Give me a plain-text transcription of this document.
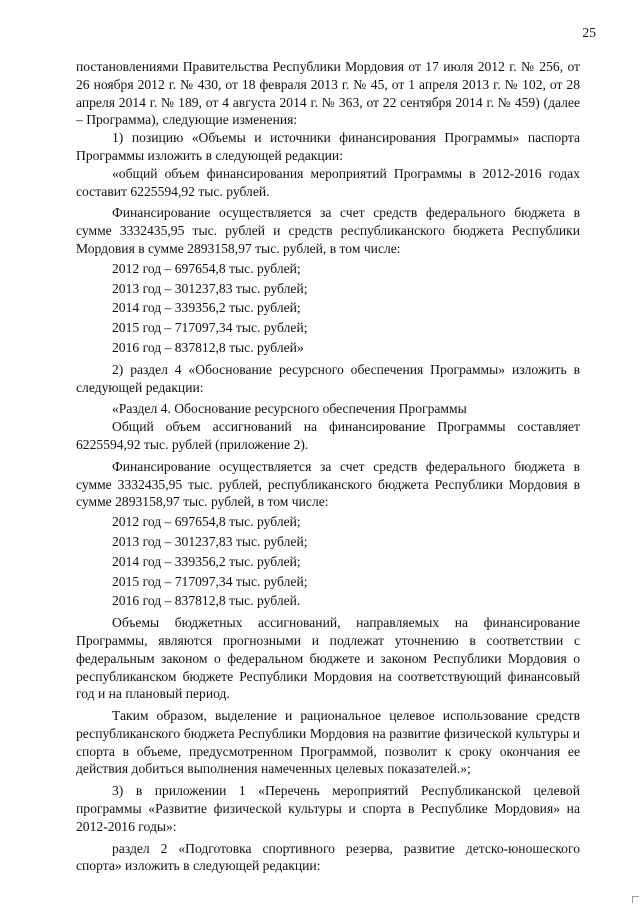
25

постановлениями Правительства Республики Мордовия от 17 июля 2012 г. № 256, от 26 ноября 2012 г. № 430, от 18 февраля 2013 г. № 45, от 1 апреля 2013 г. № 102, от 28 апреля 2014 г. № 189, от 4 августа 2014 г. № 363, от 22 сентября 2014 г. № 459) (далее – Программа), следующие изменения:

1) позицию «Объемы и источники финансирования Программы» паспорта Программы изложить в следующей редакции:

«общий объем финансирования мероприятий Программы в 2012-2016 годах составит 6225594,92 тыс. рублей.

Финансирование осуществляется за счет средств федерального бюджета в сумме 3332435,95 тыс. рублей и средств республиканского бюджета Республики Мордовия в сумме 2893158,97 тыс. рублей, в том числе:

2012 год – 697654,8 тыс. рублей;

2013 год – 301237,83 тыс. рублей;

2014 год – 339356,2 тыс. рублей;

2015 год – 717097,34 тыс. рублей;

2016 год – 837812,8 тыс. рублей»

2) раздел 4 «Обоснование ресурсного обеспечения Программы» изложить в следующей редакции:

«Раздел 4. Обоснование ресурсного обеспечения Программы

Общий объем ассигнований на финансирование Программы составляет 6225594,92 тыс. рублей (приложение 2).

Финансирование осуществляется за счет средств федерального бюджета в сумме 3332435,95 тыс. рублей, республиканского бюджета Республики Мордовия в сумме 2893158,97 тыс. рублей, в том числе:

2012 год – 697654,8 тыс. рублей;

2013 год – 301237,83 тыс. рублей;

2014 год – 339356,2 тыс. рублей;

2015 год – 717097,34 тыс. рублей;

2016 год – 837812,8 тыс. рублей.

Объемы бюджетных ассигнований, направляемых на финансирование Программы, являются прогнозными и подлежат уточнению в соответствии с федеральным законом о федеральном бюджете и законом Республики Мордовия о республиканском бюджете Республики Мордовия на соответствующий финансовый год и на плановый период.

Таким образом, выделение и рациональное целевое использование средств республиканского бюджета Республики Мордовия на развитие физической культуры и спорта в объеме, предусмотренном Программой, позволит к сроку окончания ее действия добиться выполнения намеченных целевых показателей.»;

3) в приложении 1 «Перечень мероприятий Республиканской целевой программы «Развитие физической культуры и спорта в Республике Мордовия» на 2012-2016 годы»:

раздел 2 «Подготовка спортивного резерва, развитие детско-юношеского спорта» изложить в следующей редакции:
